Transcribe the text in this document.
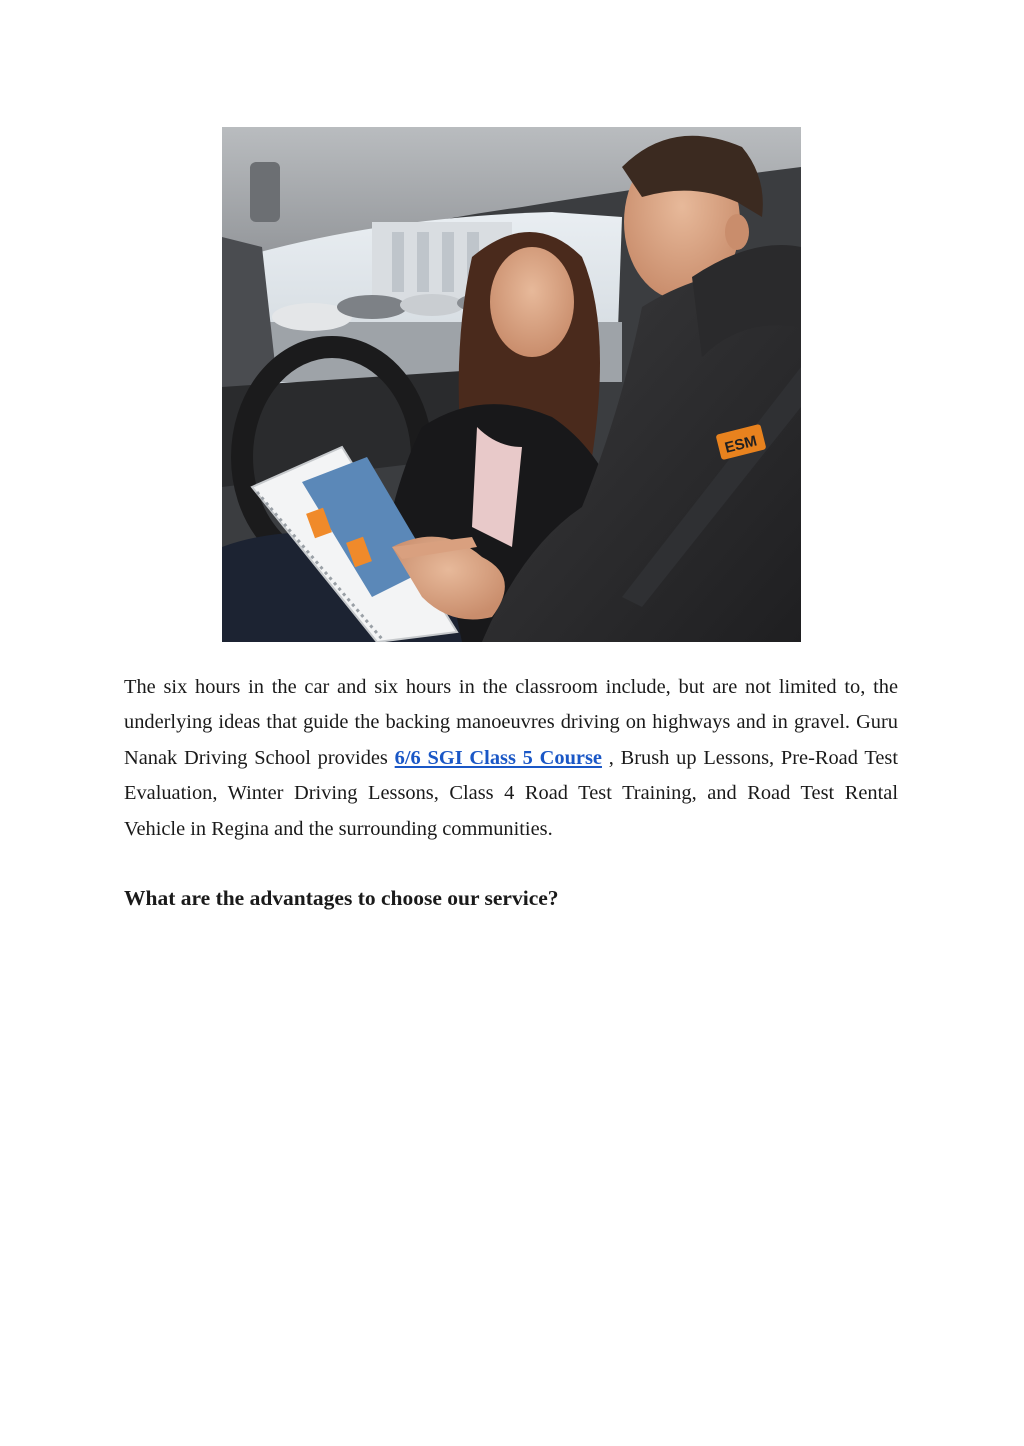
ESM

The six hours in the car and six hours in the classroom include, but are not limited to, the underlying ideas that guide the backing manoeuvres driving on highways and in gravel. Guru Nanak Driving School provides 6/6 SGI Class 5 Course , Brush up Lessons, Pre-Road Test Evaluation, Winter Driving Lessons, Class 4 Road Test Training, and Road Test Rental Vehicle in Regina and the surrounding communities.

What are the advantages to choose our service?
